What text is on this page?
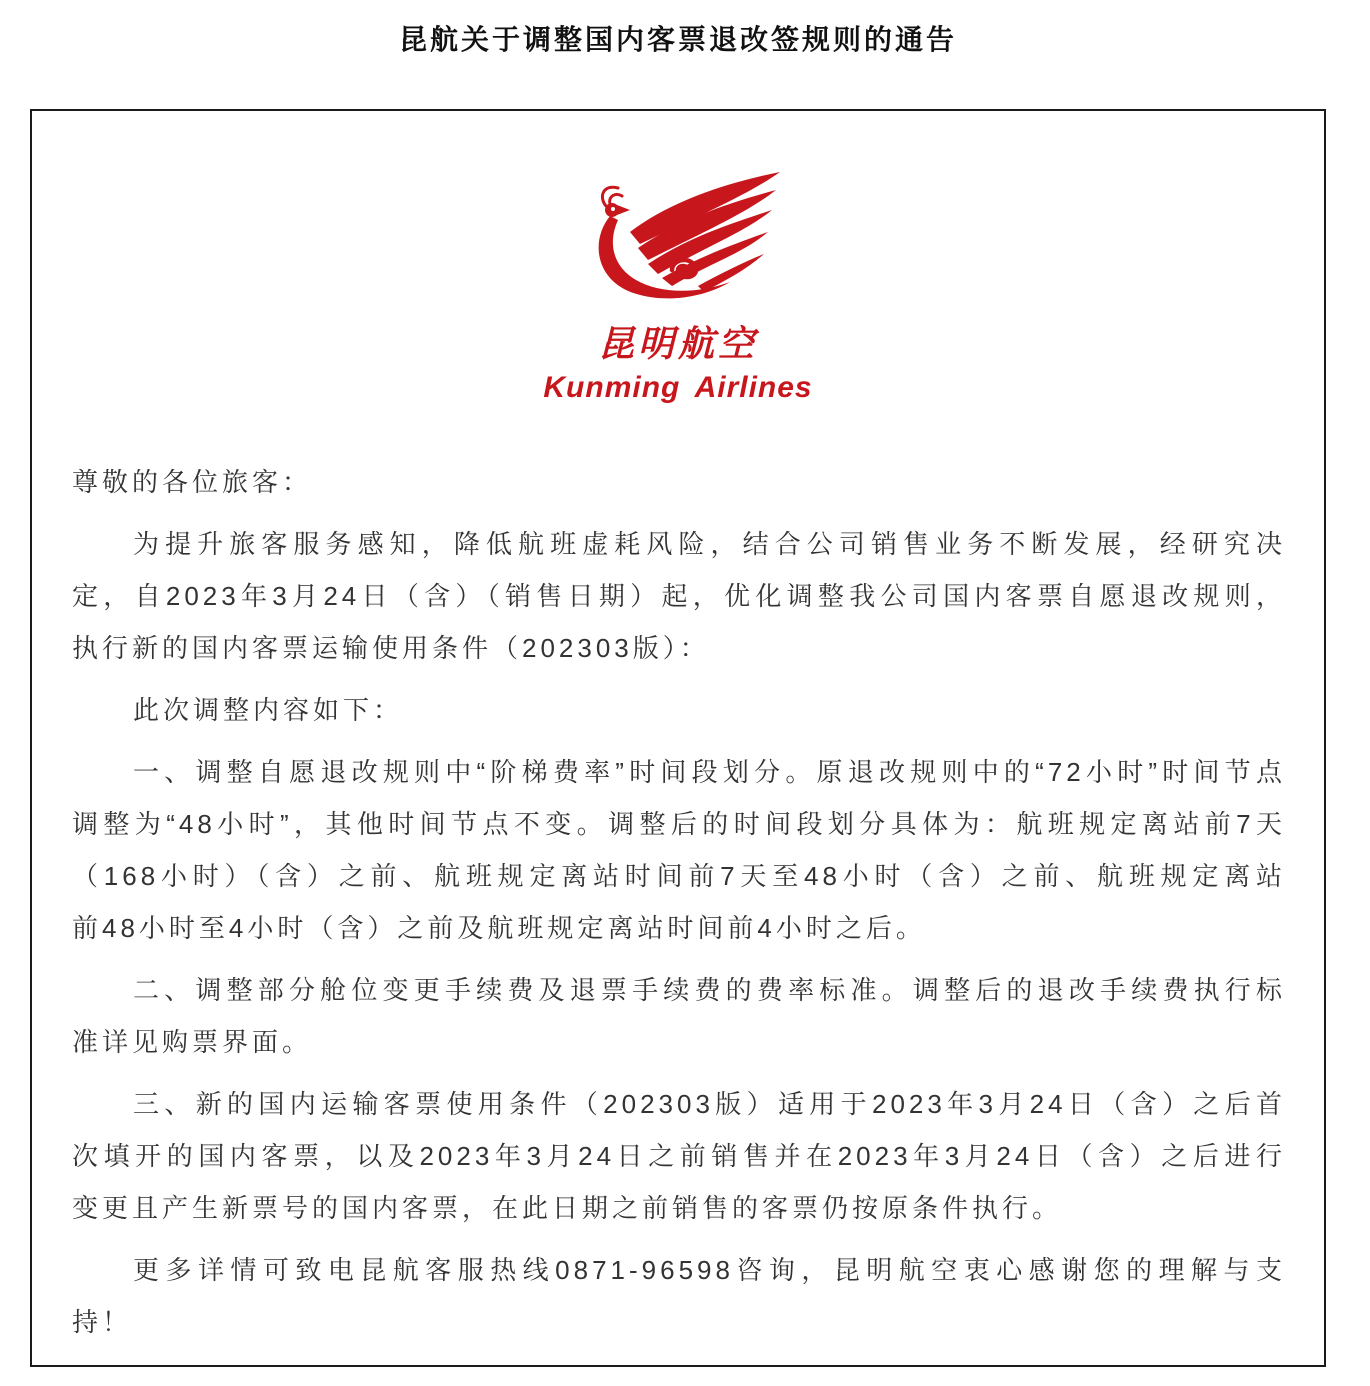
昆航关于调整国内客票退改签规则的通告
昆明航空
Kunming Airlines
尊敬的各位旅客：
为提升旅客服务感知，降低航班虚耗风险，结合公司销售业务不断发展，经研究决
定，自2023年3月24日（含）（销售日期）起，优化调整我公司国内客票自愿退改规则，
执行新的国内客票运输使用条件（202303版）：
此次调整内容如下：
一、调整自愿退改规则中“阶梯费率”时间段划分。原退改规则中的“72小时”时间节点
调整为“48小时”，其他时间节点不变。调整后的时间段划分具体为：航班规定离站前7天
（168小时）（含）之前、航班规定离站时间前7天至48小时（含）之前、航班规定离站
前48小时至4小时（含）之前及航班规定离站时间前4小时之后。
二、调整部分舱位变更手续费及退票手续费的费率标准。调整后的退改手续费执行标
准详见购票界面。
三、新的国内运输客票使用条件（202303版）适用于2023年3月24日（含）之后首
次填开的国内客票，以及2023年3月24日之前销售并在2023年3月24日（含）之后进行
变更且产生新票号的国内客票，在此日期之前销售的客票仍按原条件执行。
更多详情可致电昆航客服热线0871-96598咨询，昆明航空衷心感谢您的理解与支
持！
